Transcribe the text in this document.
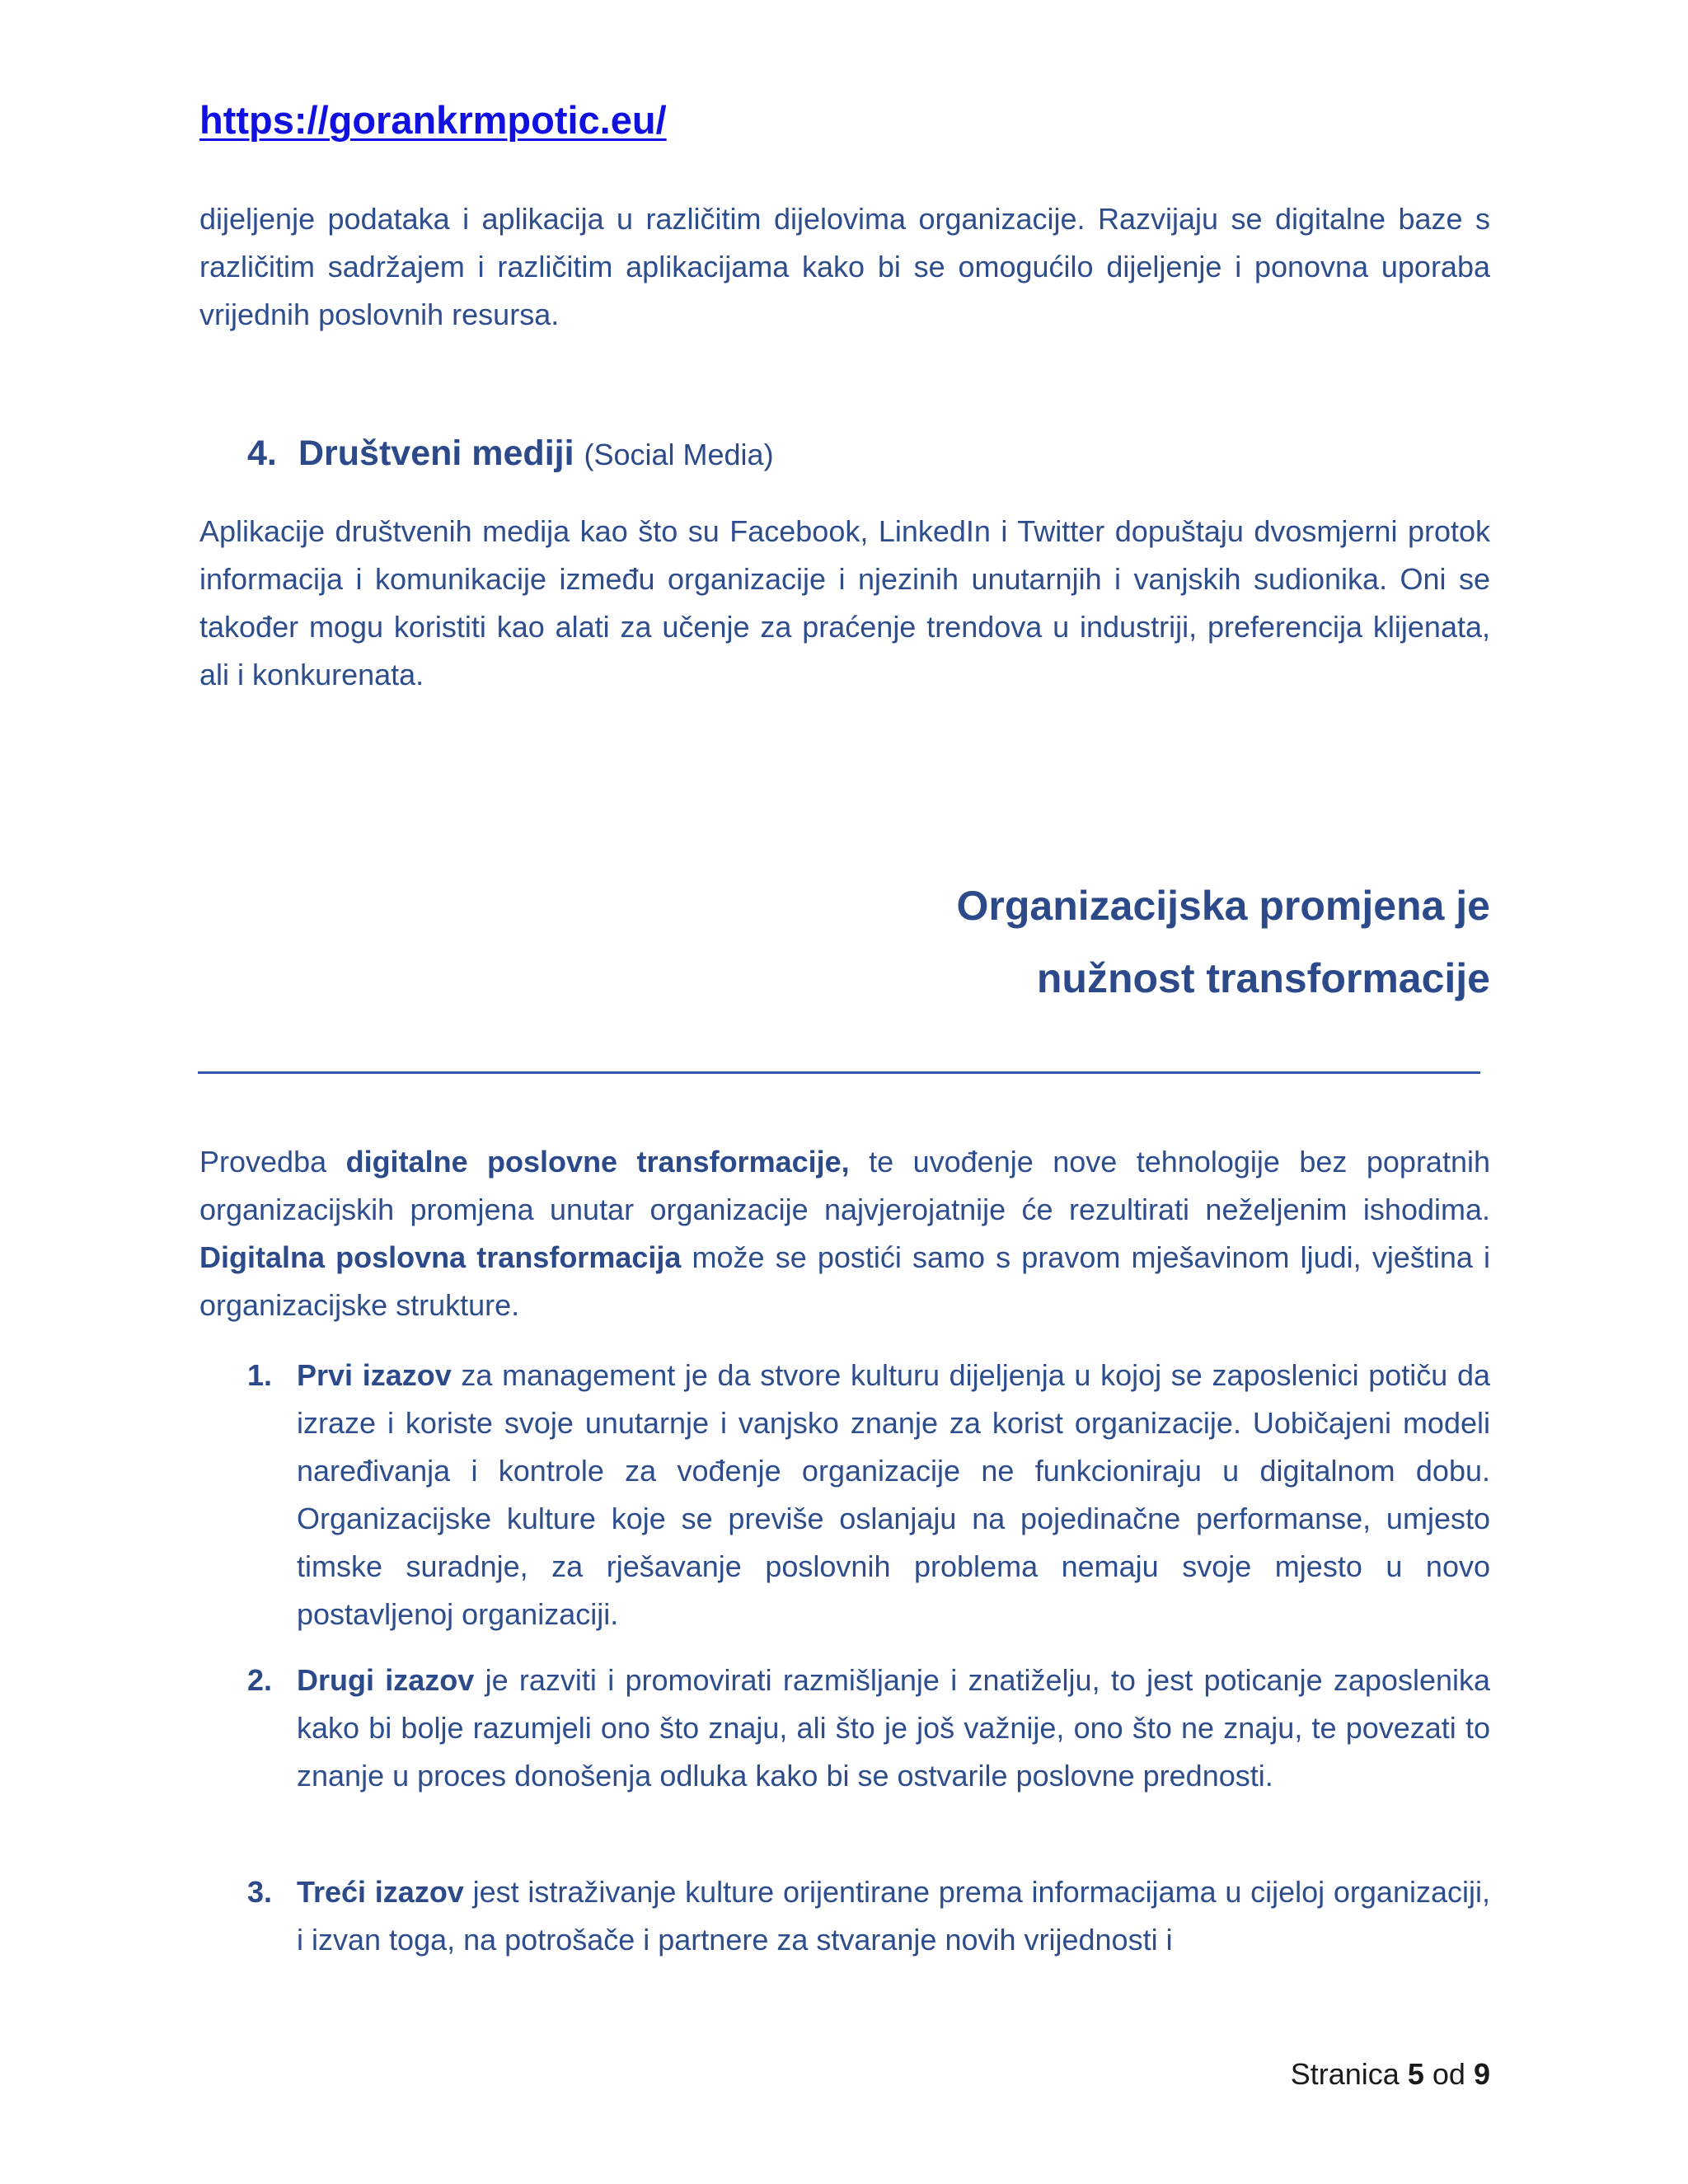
https://gorankrmpotic.eu/

dijeljenje podataka i aplikacija u različitim dijelovima organizacije. Razvijaju se digitalne baze s različitim sadržajem i različitim aplikacijama kako bi se omogućilo dijeljenje i ponovna uporaba vrijednih poslovnih resursa.

4. Društveni mediji (Social Media)

Aplikacije društvenih medija kao što su Facebook, LinkedIn i Twitter dopuštaju dvosmjerni protok informacija i komunikacije između organizacije i njezinih unutarnjih i vanjskih sudionika. Oni se također mogu koristiti kao alati za učenje za praćenje trendova u industriji, preferencija klijenata, ali i konkurenata.

Organizacijska promjena je
nužnost transformacije

Provedba digitalne poslovne transformacije, te uvođenje nove tehnologije bez popratnih organizacijskih promjena unutar organizacije najvjerojatnije će rezultirati neželjenim ishodima. Digitalna poslovna transformacija može se postići samo s pravom mješavinom ljudi, vještina i organizacijske strukture.

1. Prvi izazov za management je da stvore kulturu dijeljenja u kojoj se zaposlenici potiču da izraze i koriste svoje unutarnje i vanjsko znanje za korist organizacije. Uobičajeni modeli naređivanja i kontrole za vođenje organizacije ne funkcioniraju u digitalnom dobu. Organizacijske kulture koje se previše oslanjaju na pojedinačne performanse, umjesto timske suradnje, za rješavanje poslovnih problema nemaju svoje mjesto u novo postavljenoj organizaciji.
2. Drugi izazov je razviti i promovirati razmišljanje i znatiželju, to jest poticanje zaposlenika kako bi bolje razumjeli ono što znaju, ali što je još važnije, ono što ne znaju, te povezati to znanje u proces donošenja odluka kako bi se ostvarile poslovne prednosti.
3. Treći izazov jest istraživanje kulture orijentirane prema informacijama u cijeloj organizaciji, i izvan toga, na potrošače i partnere za stvaranje novih vrijednosti i
Stranica 5 od 9
